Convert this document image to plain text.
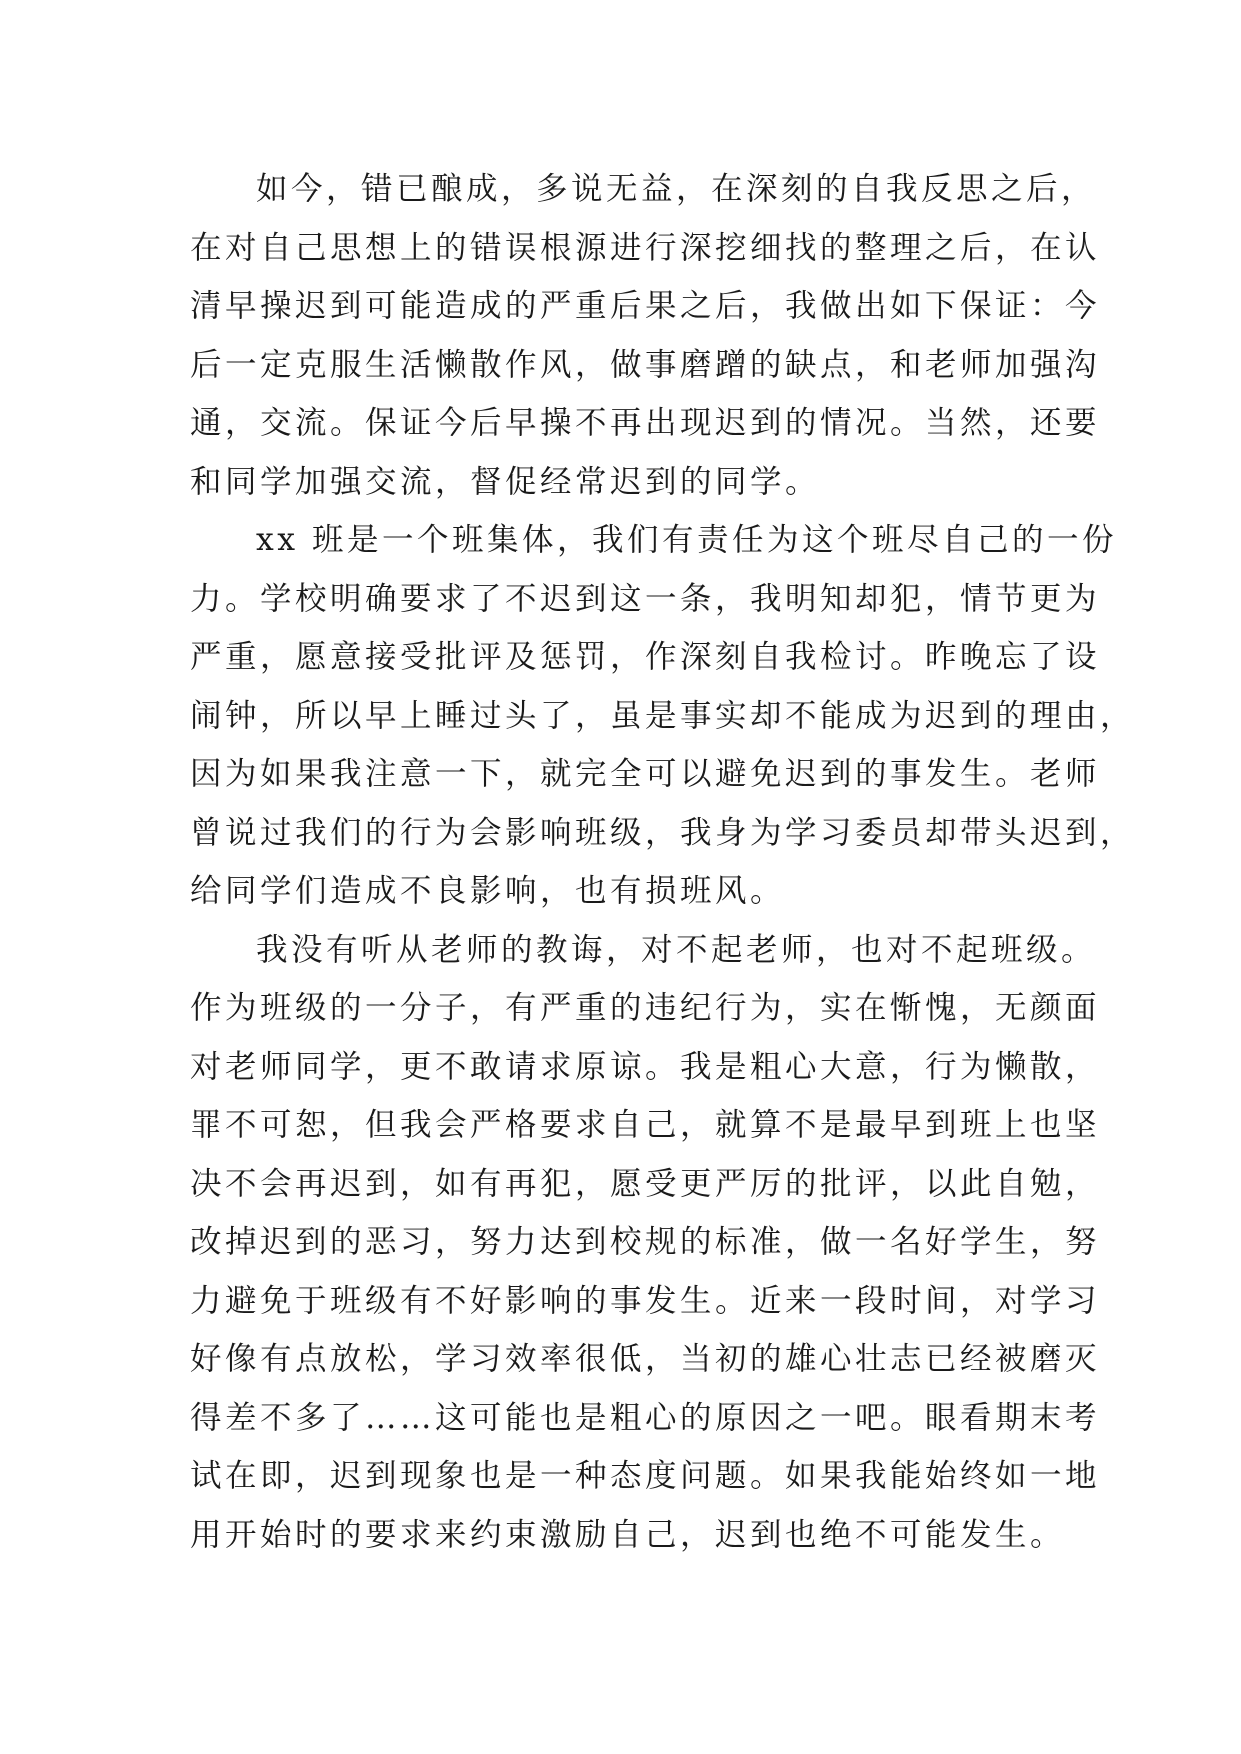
如今，错已酿成，多说无益，在深刻的自我反思之后，
在对自己思想上的错误根源进行深挖细找的整理之后，在认
清早操迟到可能造成的严重后果之后，我做出如下保证：今
后一定克服生活懒散作风，做事磨蹭的缺点，和老师加强沟
通，交流。保证今后早操不再出现迟到的情况。当然，还要
和同学加强交流，督促经常迟到的同学。
xx 班是一个班集体，我们有责任为这个班尽自己的一份
力。学校明确要求了不迟到这一条，我明知却犯，情节更为
严重，愿意接受批评及惩罚，作深刻自我检讨。昨晚忘了设
闹钟，所以早上睡过头了，虽是事实却不能成为迟到的理由，
因为如果我注意一下，就完全可以避免迟到的事发生。老师
曾说过我们的行为会影响班级，我身为学习委员却带头迟到，
给同学们造成不良影响，也有损班风。
我没有听从老师的教诲，对不起老师，也对不起班级。
作为班级的一分子，有严重的违纪行为，实在惭愧，无颜面
对老师同学，更不敢请求原谅。我是粗心大意，行为懒散，
罪不可恕，但我会严格要求自己，就算不是最早到班上也坚
决不会再迟到，如有再犯，愿受更严厉的批评，以此自勉，
改掉迟到的恶习，努力达到校规的标准，做一名好学生，努
力避免于班级有不好影响的事发生。近来一段时间，对学习
好像有点放松，学习效率很低，当初的雄心壮志已经被磨灭
得差不多了……这可能也是粗心的原因之一吧。眼看期末考
试在即，迟到现象也是一种态度问题。如果我能始终如一地
用开始时的要求来约束激励自己，迟到也绝不可能发生。
